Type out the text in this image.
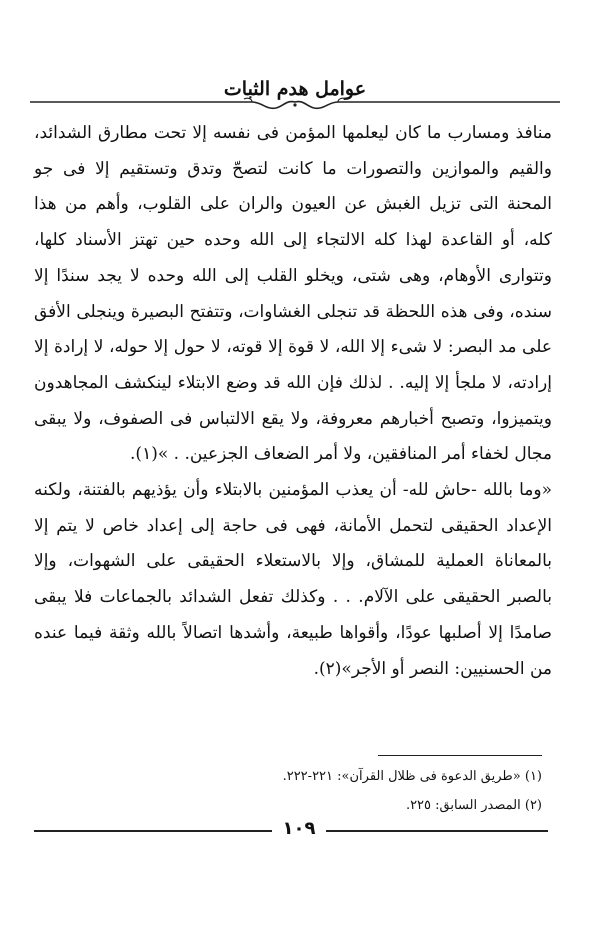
عوامل هدم الثبات

منافذ ومسارب ما كان ليعلمها المؤمن فى نفسه إلا تحت مطارق الشدائد، والقيم والموازين والتصورات ما كانت لتصحّ وتدق وتستقيم إلا فى جو المحنة التى تزيل الغبش عن العيون والران على القلوب، وأهم من هذا كله، أو القاعدة لهذا كله الالتجاء إلى الله وحده حين تهتز الأسناد كلها، وتتوارى الأوهام، وهى شتى، ويخلو القلب إلى الله وحده لا يجد سندًا إلا سنده، وفى هذه اللحظة قد تنجلى الغشاوات، وتتفتح البصيرة وينجلى الأفق على مد البصر: لا شىء إلا الله، لا قوة إلا قوته، لا حول إلا حوله، لا إرادة إلا إرادته، لا ملجأ إلا إليه. . لذلك فإن الله قد وضع الابتلاء لينكشف المجاهدون ويتميزوا، وتصبح أخبارهم معروفة، ولا يقع الالتباس فى الصفوف، ولا يبقى مجال لخفاء أمر المنافقين، ولا أمر الضعاف الجزعين. . »(١).

«وما بالله -حاش لله- أن يعذب المؤمنين بالابتلاء وأن يؤذيهم بالفتنة، ولكنه الإعداد الحقيقى لتحمل الأمانة، فهى فى حاجة إلى إعداد خاص لا يتم إلا بالمعاناة العملية للمشاق، وإلا بالاستعلاء الحقيقى على الشهوات، وإلا بالصبر الحقيقى على الآلام. . . وكذلك تفعل الشدائد بالجماعات فلا يبقى صامدًا إلا أصلبها عودًا، وأقواها طبيعة، وأشدها اتصالاً بالله وثقة فيما عنده من الحسنيين: النصر أو الأجر»(٢).

(١) «طريق الدعوة فى ظلال القرآن»: ٢٢١-٢٢٢.
(٢) المصدر السابق: ٢٢٥.
١٠٩
